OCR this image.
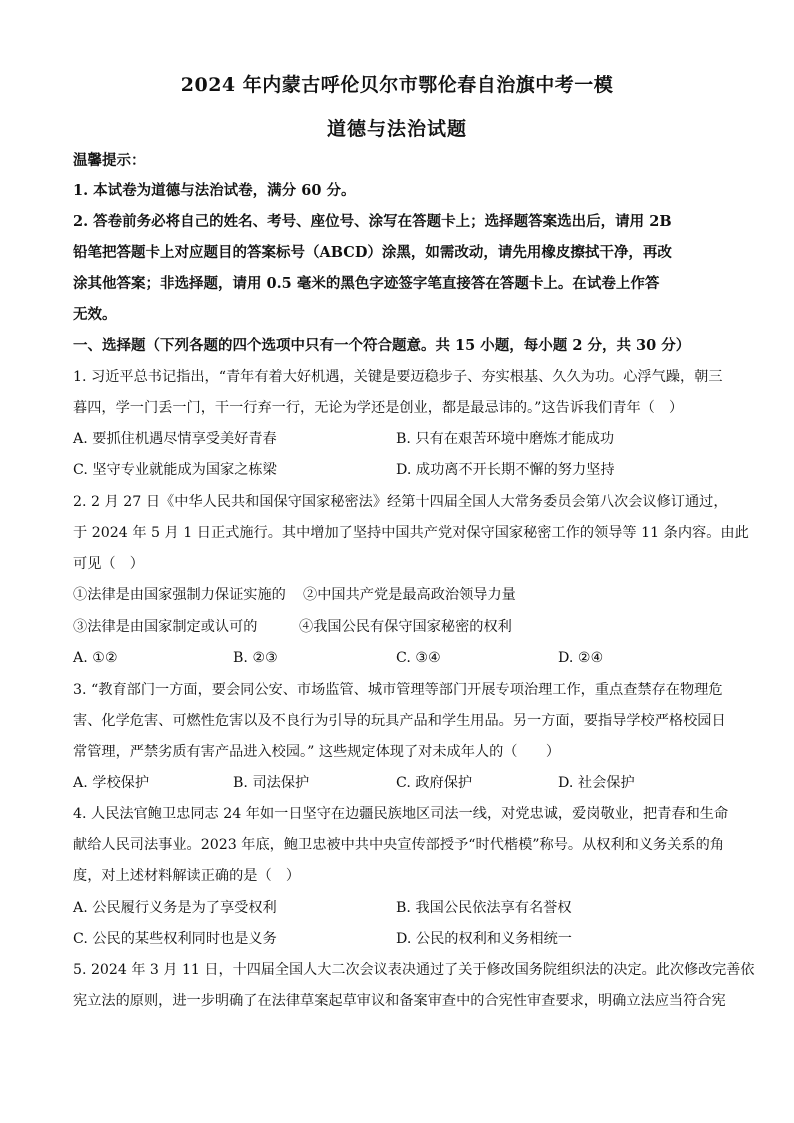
2024 年内蒙古呼伦贝尔市鄂伦春自治旗中考一模
道德与法治试题
温馨提示：
1. 本试卷为道德与法治试卷，满分 60 分。
2. 答卷前务必将自己的姓名、考号、座位号、涂写在答题卡上；选择题答案选出后，请用 2B
铅笔把答题卡上对应题目的答案标号（ABCD）涂黑，如需改动，请先用橡皮擦拭干净，再改
涂其他答案；非选择题，请用 0.5 毫米的黑色字迹签字笔直接答在答题卡上。在试卷上作答
无效。
一、选择题（下列各题的四个选项中只有一个符合题意。共 15 小题，每小题 2 分，共 30 分）
1. 习近平总书记指出，“青年有着大好机遇，关键是要迈稳步子、夯实根基、久久为功。心浮气躁，朝三
暮四，学一门丢一门，干一行弃一行，无论为学还是创业，都是最忌讳的。”这告诉我们青年（　）
A. 要抓住机遇尽情享受美好青春	B. 只有在艰苦环境中磨炼才能成功
C. 坚守专业就能成为国家之栋梁	D. 成功离不开长期不懈的努力坚持
2. 2 月 27 日《中华人民共和国保守国家秘密法》经第十四届全国人大常务委员会第八次会议修订通过，
于 2024 年 5 月 1 日正式施行。其中增加了坚持中国共产党对保守国家秘密工作的领导等 11 条内容。由此
可见（　）
①法律是由国家强制力保证实施的 ②中国共产党是最高政治领导力量
③法律是由国家制定或认可的	④我国公民有保守国家秘密的权利
A. ①②	B. ②③	C. ③④	D. ②④
3. “教育部门一方面，要会同公安、市场监管、城市管理等部门开展专项治理工作，重点查禁存在物理危
害、化学危害、可燃性危害以及不良行为引导的玩具产品和学生用品。另一方面，要指导学校严格校园日
常管理，严禁劣质有害产品进入校园。” 这些规定体现了对未成年人的（　　）
A. 学校保护	B. 司法保护	C. 政府保护	D. 社会保护
4. 人民法官鲍卫忠同志 24 年如一日坚守在边疆民族地区司法一线，对党忠诚，爱岗敬业，把青春和生命
献给人民司法事业。2023 年底，鲍卫忠被中共中央宣传部授予“时代楷模”称号。从权利和义务关系的角
度，对上述材料解读正确的是（　）
A. 公民履行义务是为了享受权利	B. 我国公民依法享有名誉权
C. 公民的某些权利同时也是义务	D. 公民的权利和义务相统一
5. 2024 年 3 月 11 日，十四届全国人大二次会议表决通过了关于修改国务院组织法的决定。此次修改完善依
宪立法的原则，进一步明确了在法律草案起草审议和备案审查中的合宪性审查要求，明确立法应当符合宪
